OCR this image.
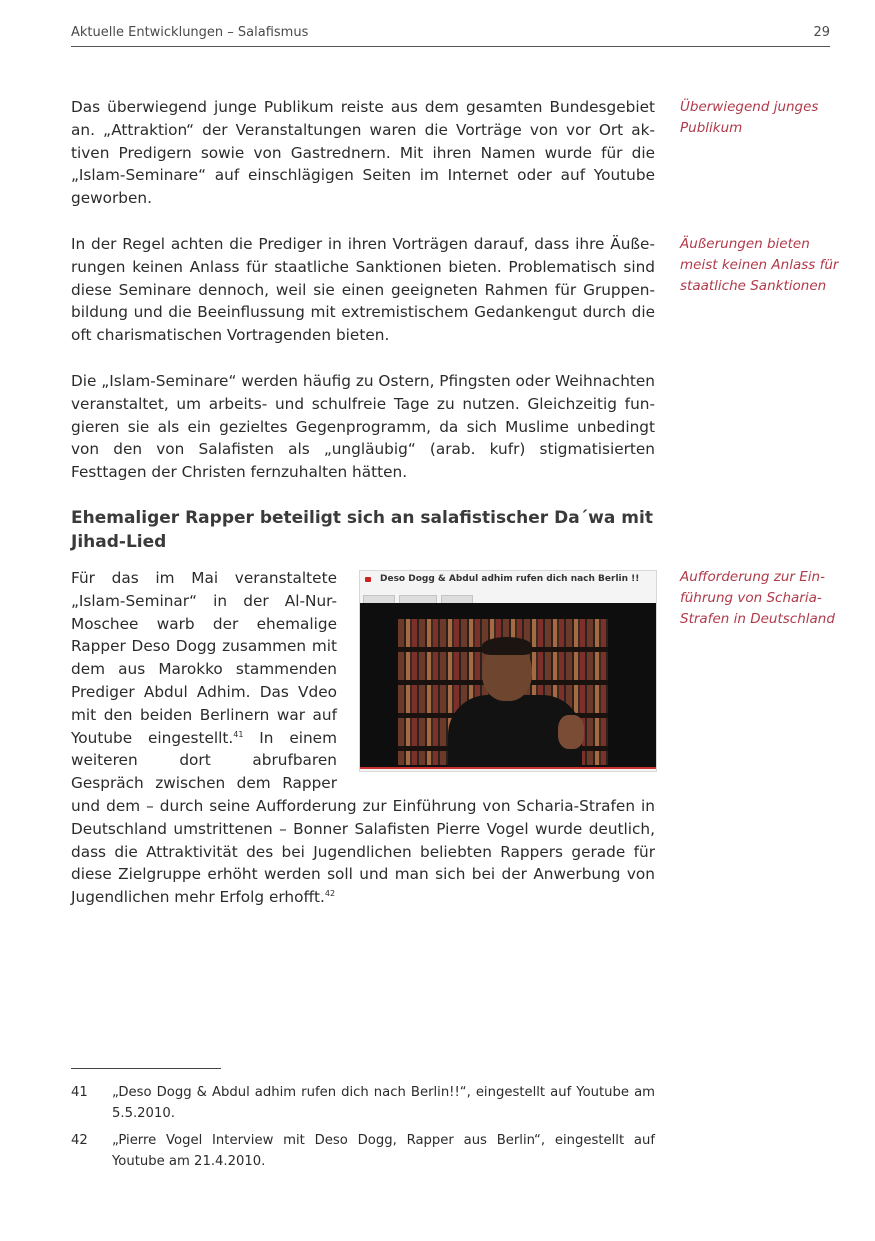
Aktuelle Entwicklungen – Salafismus	29

Das überwiegend junge Publikum reiste aus dem gesamten Bundesgebiet an. „Attraktion“ der Veranstaltungen waren die Vorträge von vor Ort aktiven Predigern sowie von Gastrednern. Mit ihren Namen wurde für die „Islam-Seminare“ auf einschlägigen Seiten im Internet oder auf Youtube geworben.

In der Regel achten die Prediger in ihren Vorträgen darauf, dass ihre Äußerungen keinen Anlass für staatliche Sanktionen bieten. Problematisch sind diese Seminare dennoch, weil sie einen geeigneten Rahmen für Gruppenbildung und die Beeinflussung mit extremistischem Gedankengut durch die oft charismatischen Vortragenden bieten.

Die „Islam-Seminare“ werden häufig zu Ostern, Pfingsten oder Weihnachten veranstaltet, um arbeits- und schulfreie Tage zu nutzen. Gleichzeitig fungieren sie als ein gezieltes Gegenprogramm, da sich Muslime unbedingt von den von Salafisten als „ungläubig“ (arab. kufr) stigmatisierten Festtagen der Christen fernzuhalten hätten.

Ehemaliger Rapper beteiligt sich an salafistischer Da´wa mit Jihad-Lied

Für das im Mai veranstaltete „Islam-Seminar“ in der Al-Nur-Moschee warb der ehemalige Rapper Deso Dogg zusammen mit dem aus Marokko stammenden Prediger Abdul Adhim. Das Vdeo mit den beiden Berlinern war auf Youtube eingestellt.$^{41}$ In einem weiteren dort abrufbaren Gespräch zwischen dem Rapper und dem – durch seine Aufforderung zur Einführung von Scharia-Strafen in Deutschland umstrittenen – Bonner Salafisten Pierre Vogel wurde deutlich, dass die Attraktivität des bei Jugendlichen beliebten Rappers gerade für diese Zielgruppe erhöht werden soll und man sich bei der Anwerbung von Jugendlichen mehr Erfolg erhofft.$^{42}$

Überwiegend junges Publikum
Äußerungen bieten meist keinen Anlass für staatliche Sanktionen
Aufforderung zur Einführung von Scharia-Strafen in Deutschland
Deso Dogg & Abdul adhim rufen dich nach Berlin !!
41 „Deso Dogg & Abdul adhim rufen dich nach Berlin!!“, eingestellt auf Youtube am 5.5.2010.
42 „Pierre Vogel Interview mit Deso Dogg, Rapper aus Berlin“, eingestellt auf Youtube am 21.4.2010.
